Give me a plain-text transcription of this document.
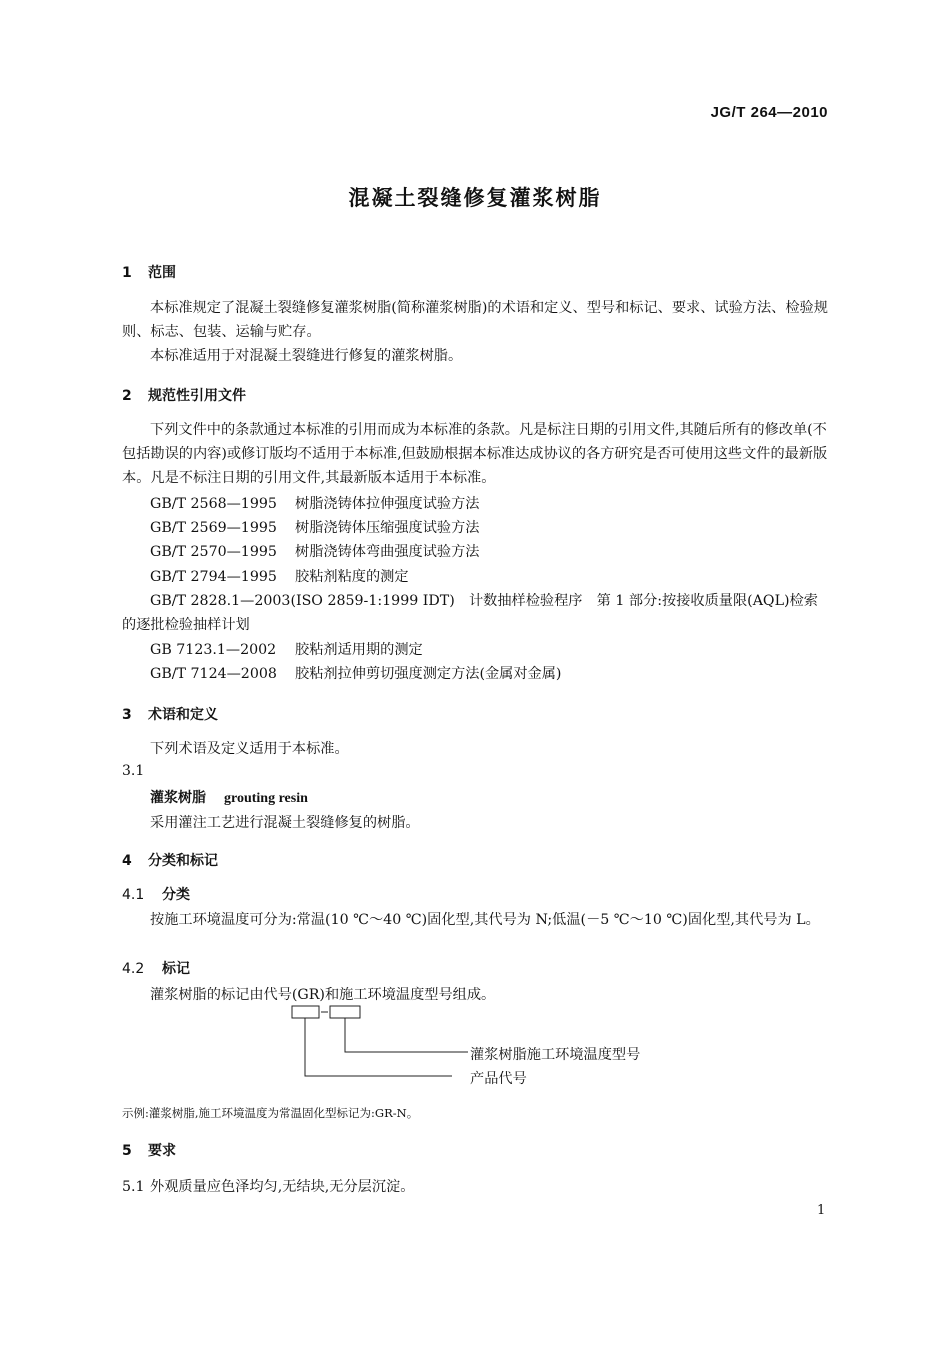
JG/T 264—2010
混凝土裂缝修复灌浆树脂
1 范围
本标准规定了混凝土裂缝修复灌浆树脂(简称灌浆树脂)的术语和定义、型号和标记、要求、试验方法、检验规则、标志、包装、运输与贮存。
本标准适用于对混凝土裂缝进行修复的灌浆树脂。
2 规范性引用文件
下列文件中的条款通过本标准的引用而成为本标准的条款。凡是标注日期的引用文件,其随后所有的修改单(不包括勘误的内容)或修订版均不适用于本标准,但鼓励根据本标准达成协议的各方研究是否可使用这些文件的最新版本。凡是不标注日期的引用文件,其最新版本适用于本标准。
GB/T 2568—1995 树脂浇铸体拉伸强度试验方法
GB/T 2569—1995 树脂浇铸体压缩强度试验方法
GB/T 2570—1995 树脂浇铸体弯曲强度试验方法
GB/T 2794—1995 胶粘剂粘度的测定
GB/T 2828.1—2003(ISO 2859-1:1999 IDT)　 计数抽样检验程序　第 1 部分:按接收质量限(AQL)检索的逐批检验抽样计划
GB 7123.1—2002 胶粘剂适用期的测定
GB/T 7124—2008 胶粘剂拉伸剪切强度测定方法(金属对金属)
3 术语和定义
下列术语及定义适用于本标准。
3.1
灌浆树脂 grouting resin
采用灌注工艺进行混凝土裂缝修复的树脂。
4 分类和标记
4.1 分类
按施工环境温度可分为:常温(10 ℃～40 ℃)固化型,其代号为 N;低温(－5 ℃～10 ℃)固化型,其代号为 L。
4.2 标记
灌浆树脂的标记由代号(GR)和施工环境温度型号组成。
灌浆树脂施工环境温度型号
产品代号
示例:灌浆树脂,施工环境温度为常温固化型标记为:GR-N。
5 要求
5.1 外观质量应色泽均匀,无结块,无分层沉淀。
1
